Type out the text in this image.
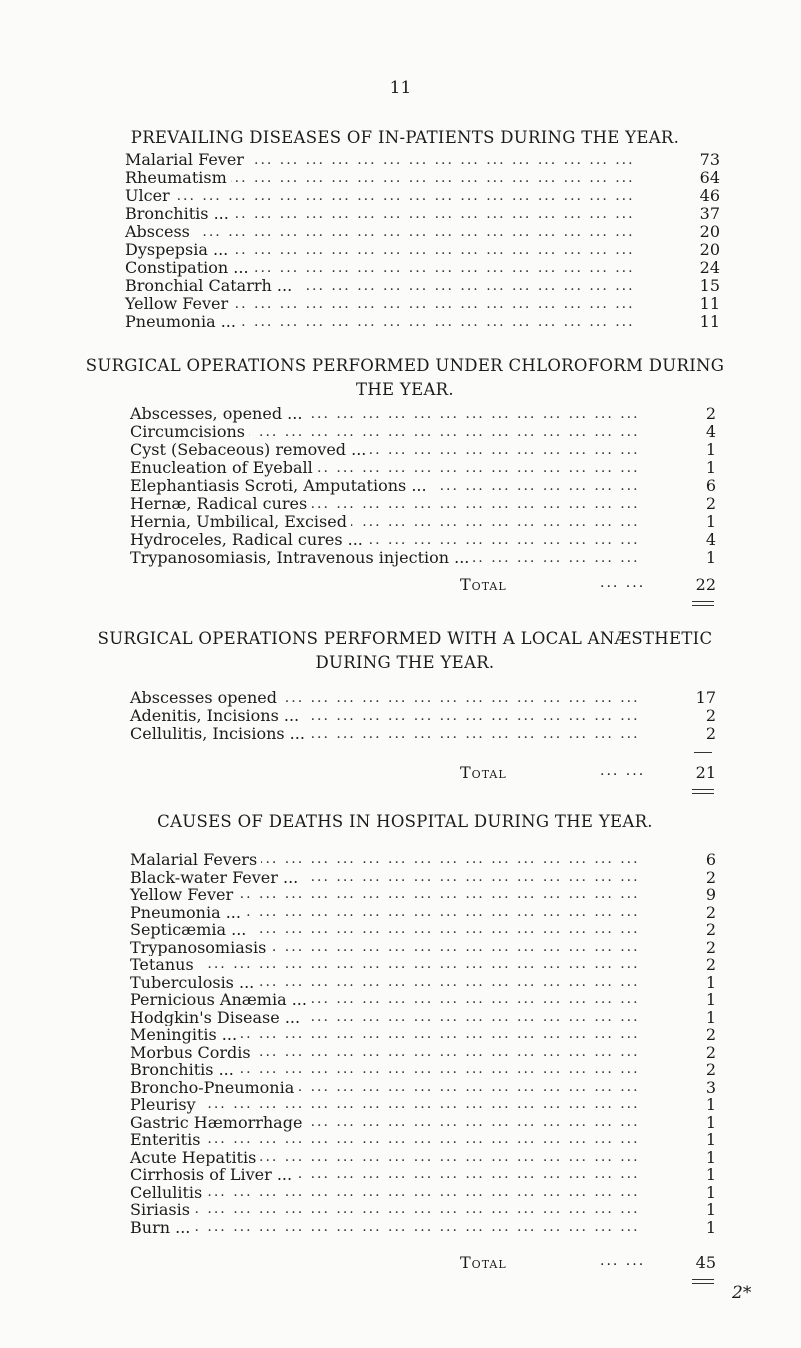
11
PREVAILING DISEASES OF IN-PATIENTS DURING THE YEAR.
...
Malarial Fever	73
...
Rheumatism	64
...
Ulcer	46
...
Bronchitis ...	37
...
Abscess	20
...
Dyspepsia ...	20
...
Constipation ...	24
...
Bronchial Catarrh ...	15
...
Yellow Fever	11
...
Pneumonia ...	11
SURGICAL OPERATIONS PERFORMED UNDER CHLOROFORM DURING
THE YEAR.
...
Abscesses, opened ...	2
...
Circumcisions	4
...
Cyst (Sebaceous) removed ...	1
...
Enucleation of Eyeball	1
...
Elephantiasis Scroti, Amputations ...	6
...
Hernæ, Radical cures	2
...
Hernia, Umbilical, Excised	1
...
Hydroceles, Radical cures ...	4
...
Trypanosomiasis, Intravenous injection ...	1
Total	... ...	22
SURGICAL OPERATIONS PERFORMED WITH A LOCAL ANÆSTHETIC
DURING THE YEAR.
...
Abscesses opened	17
...
Adenitis, Incisions ...	2
...
Cellulitis, Incisions ...	2
Total	... ...	21
CAUSES OF DEATHS IN HOSPITAL DURING THE YEAR.
...
Malarial Fevers	6
...
Black-water Fever ...	2
...
Yellow Fever	9
...
Pneumonia ...	2
...
Septicæmia ...	2
...
Trypanosomiasis	2
...
Tetanus	2
...
Tuberculosis ...	1
...
Pernicious Anæmia ...	1
...
Hodgkin's Disease ...	1
...
Meningitis ...	2
...
Morbus Cordis	2
...
Bronchitis ...	2
...
Broncho-Pneumonia	3
...
Pleurisy	1
...
Gastric Hæmorrhage	1
...
Enteritis	1
...
Acute Hepatitis	1
...
Cirrhosis of Liver ...	1
...
Cellulitis	1
...
Siriasis	1
...
Burn ...	1
Total	... ...	45
2*
